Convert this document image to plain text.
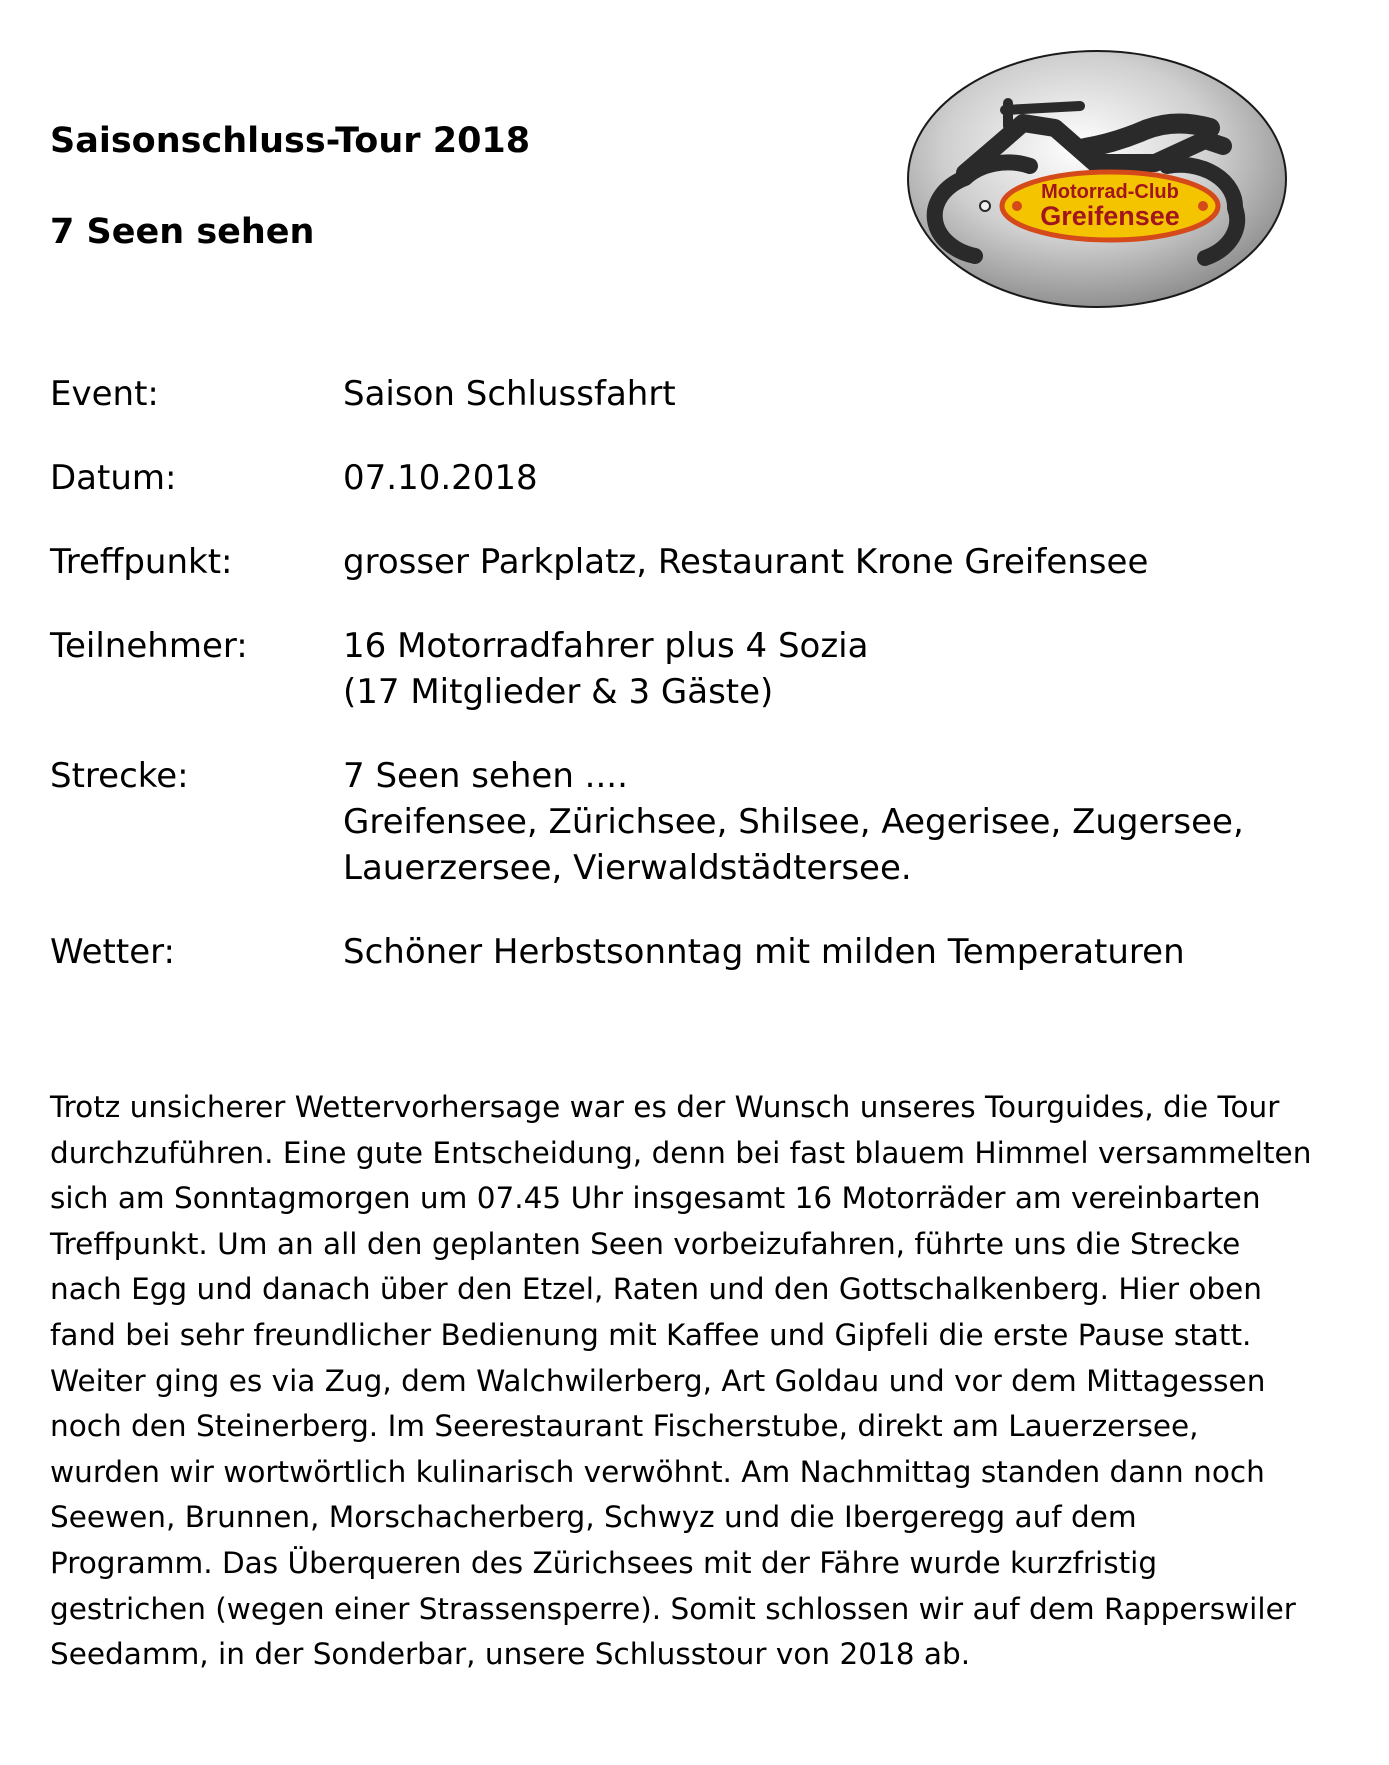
Saisonschluss-Tour 2018
7 Seen sehen
Motorrad-Club
Greifensee
Event:	Saison Schlussfahrt
Datum:	07.10.2018
Treffpunkt:	grosser Parkplatz, Restaurant Krone Greifensee
Teilnehmer:	16 Motorradfahrer plus 4 Sozia
(17 Mitglieder & 3 Gäste)
Strecke:	7 Seen sehen ....
Greifensee, Zürichsee, Shilsee, Aegerisee, Zugersee,
Lauerzersee, Vierwaldstädtersee.
Wetter:	Schöner Herbstsonntag mit milden Temperaturen

Trotz unsicherer Wettervorhersage war es der Wunsch unseres Tourguides, die Tour
durchzuführen. Eine gute Entscheidung, denn bei fast blauem Himmel versammelten
sich am Sonntagmorgen um 07.45 Uhr insgesamt 16 Motorräder am vereinbarten
Treffpunkt. Um an all den geplanten Seen vorbeizufahren, führte uns die Strecke
nach Egg und danach über den Etzel, Raten und den Gottschalkenberg. Hier oben
fand bei sehr freundlicher Bedienung mit Kaffee und Gipfeli die erste Pause statt.
Weiter ging es via Zug, dem Walchwilerberg, Art Goldau und vor dem Mittagessen
noch den Steinerberg. Im Seerestaurant Fischerstube, direkt am Lauerzersee,
wurden wir wortwörtlich kulinarisch verwöhnt. Am Nachmittag standen dann noch
Seewen, Brunnen, Morschacherberg, Schwyz und die Ibergeregg auf dem
Programm. Das Überqueren des Zürichsees mit der Fähre wurde kurzfristig
gestrichen (wegen einer Strassensperre). Somit schlossen wir auf dem Rapperswiler
Seedamm, in der Sonderbar, unsere Schlusstour von 2018 ab.
